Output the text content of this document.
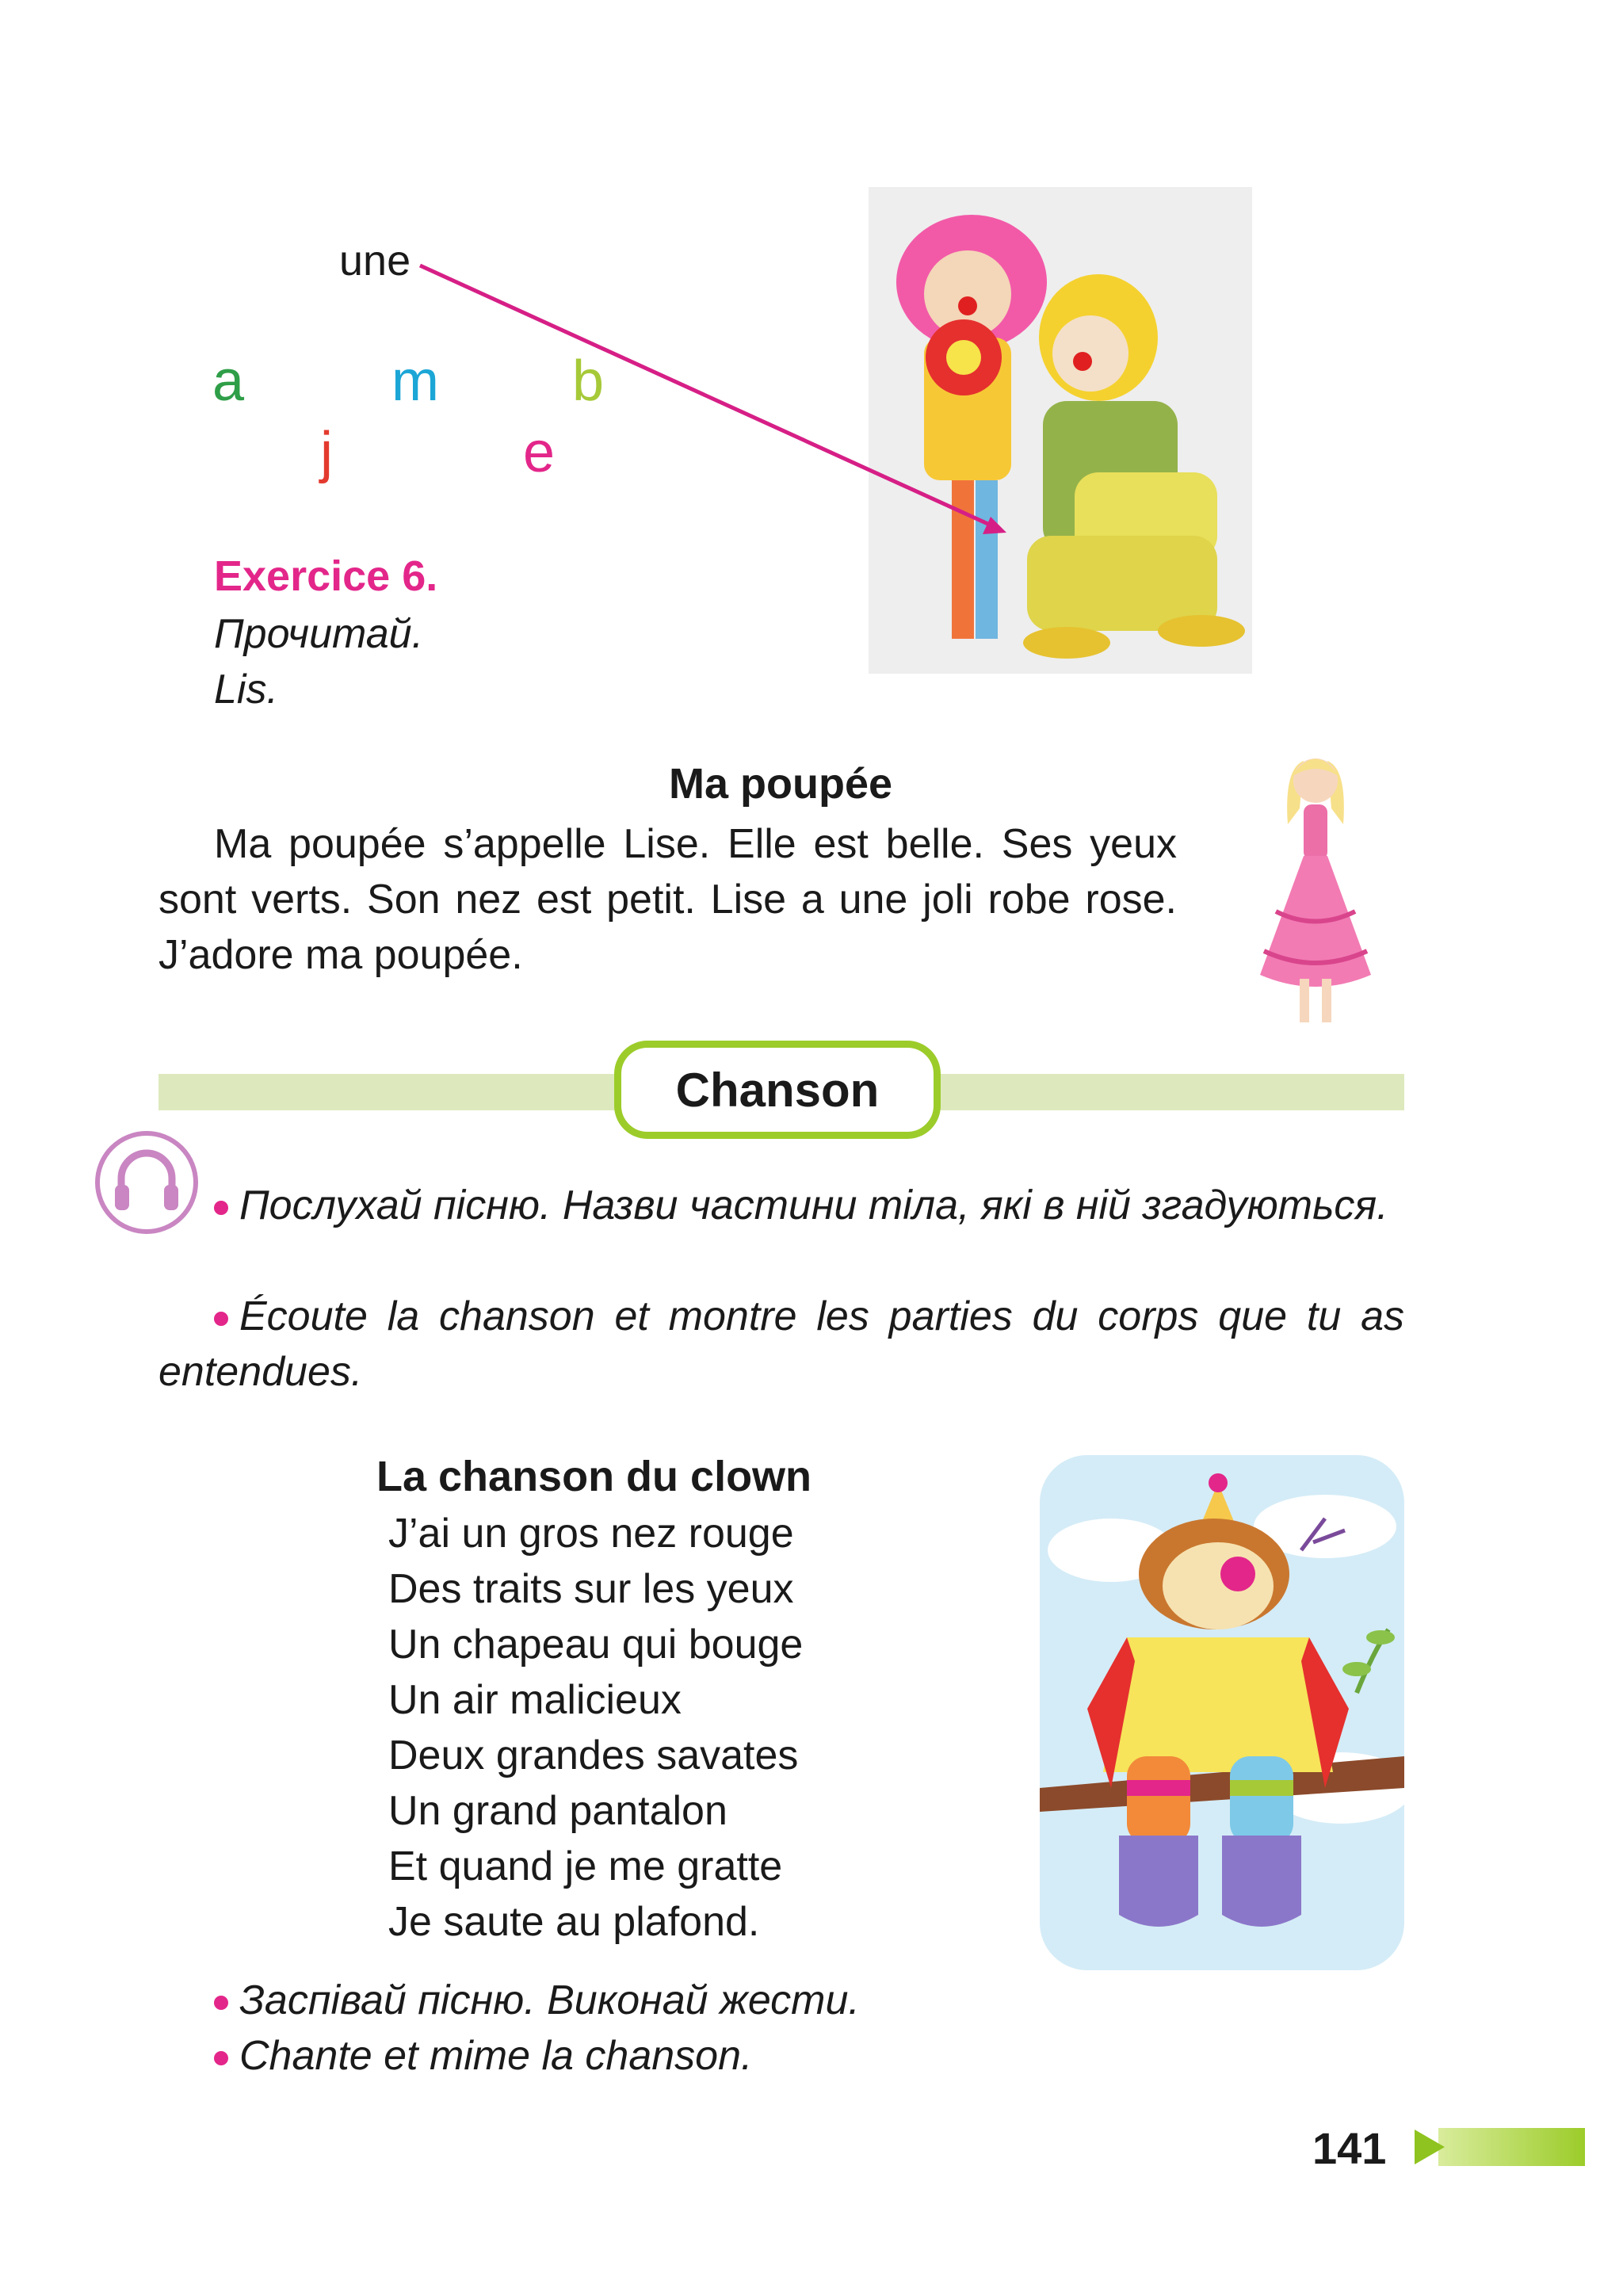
une
a	m b
j	e
Exercice 6.
Прочитай.
Lis.
Ma poupée
Ma poupée s’appelle Lise. Elle est belle. Ses yeux sont verts. Son nez est petit. Lise a une joli robe rose. J’adore ma poupée.
Chanson
Послухай пісню. Назви частини тіла, які в ній згадуються.
Écoute la chanson et montre les parties du corps que tu as entendues.
La chanson du clown
J’ai un gros nez rouge
Des traits sur les yeux
Un chapeau qui bouge
Un air malicieux
Deux grandes savates
Un grand pantalon
Et quand je me gratte
Je saute au plafond.
Заспівай пісню. Виконай жести.
Chante et mime la chanson.
141
